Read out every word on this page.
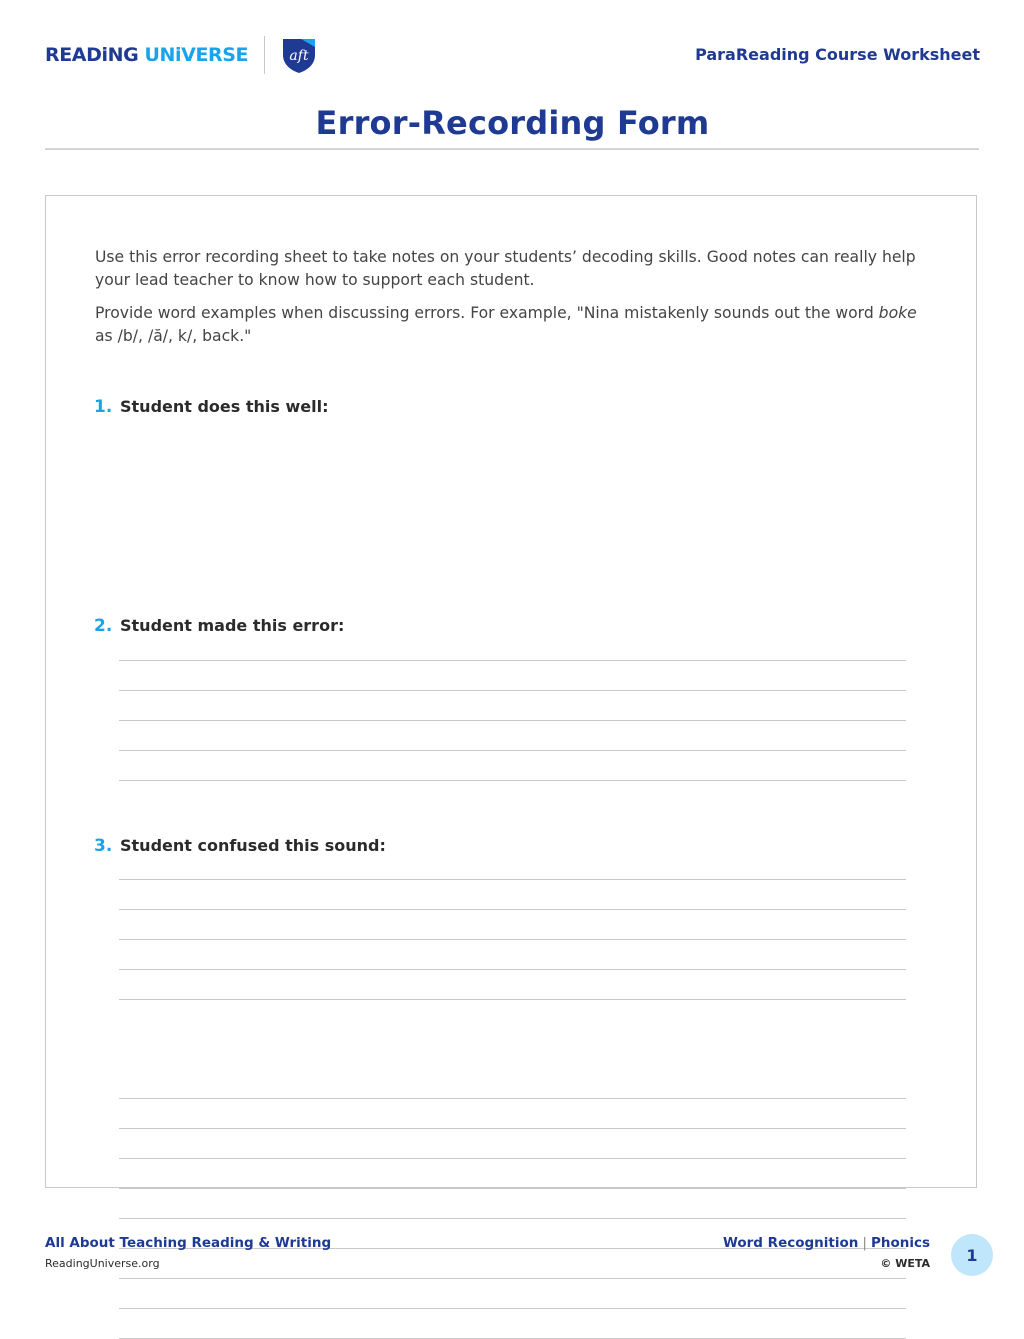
READiNG UNiVERSE	aft	ParaReading Course Worksheet
Error-Recording Form

Use this error recording sheet to take notes on your students’ decoding skills. Good notes can really help your lead teacher to know how to support each student.

Provide word examples when discussing errors. For example, "Nina mistakenly sounds out the word boke as /b/, /ă/, k/, back."

1. Student does this well:
2. Student made this error:
3. Student confused this sound:
All About Teaching Reading & Writing
ReadingUniverse.org
Word Recognition | Phonics
© WETA	1
